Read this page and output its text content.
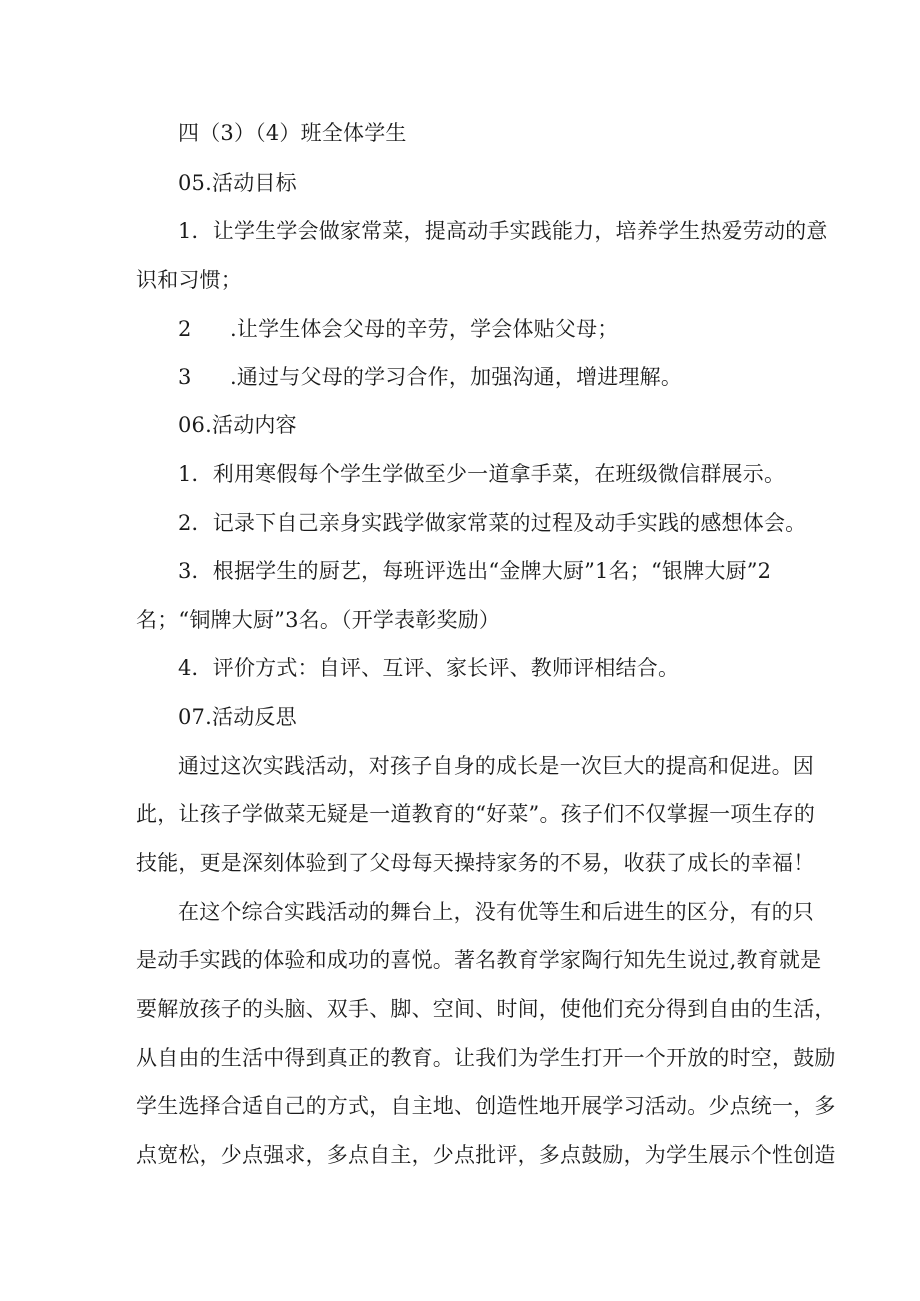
四（3）（4）班全体学生
05.活动目标
1．让学生学会做家常菜，提高动手实践能力，培养学生热爱劳动的意
识和习惯；
2 .让学生体会父母的辛劳，学会体贴父母；
3 .通过与父母的学习合作，加强沟通，增进理解。
06.活动内容
1．利用寒假每个学生学做至少一道拿手菜，在班级微信群展示。
2．记录下自己亲身实践学做家常菜的过程及动手实践的感想体会。
3．根据学生的厨艺，每班评选出“金牌大厨”1名；“银牌大厨”2
名；“铜牌大厨”3名。（开学表彰奖励）
4．评价方式：自评、互评、家长评、教师评相结合。
07.活动反思
通过这次实践活动，对孩子自身的成长是一次巨大的提高和促进。因
此，让孩子学做菜无疑是一道教育的“好菜”。孩子们不仅掌握一项生存的
技能，更是深刻体验到了父母每天操持家务的不易，收获了成长的幸福！
在这个综合实践活动的舞台上，没有优等生和后进生的区分，有的只
是动手实践的体验和成功的喜悦。著名教育学家陶行知先生说过,教育就是
要解放孩子的头脑、双手、脚、空间、时间，使他们充分得到自由的生活，
从自由的生活中得到真正的教育。让我们为学生打开一个开放的时空，鼓励
学生选择合适自己的方式，自主地、创造性地开展学习活动。少点统一，多
点宽松，少点强求，多点自主，少点批评，多点鼓励，为学生展示个性创造
